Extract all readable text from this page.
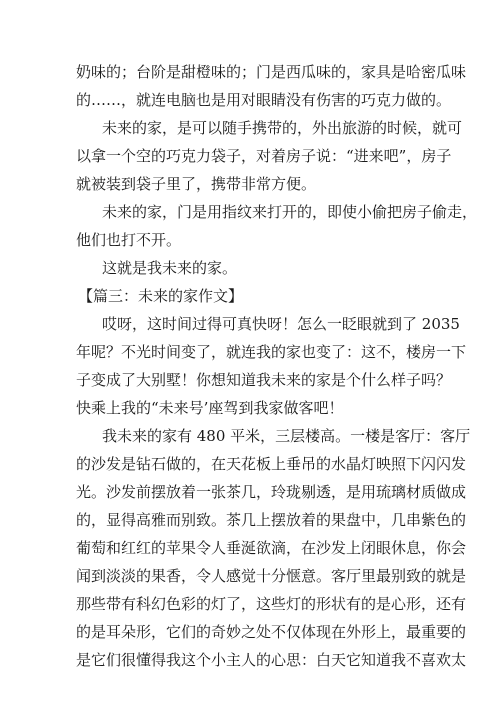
奶味的；台阶是甜橙味的；门是西瓜味的，家具是哈密瓜味
的……，就连电脑也是用对眼睛没有伤害的巧克力做的。
未来的家，是可以随手携带的，外出旅游的时候，就可
以拿一个空的巧克力袋子，对着房子说：“进来吧”，房子
就被装到袋子里了，携带非常方便。
未来的家，门是用指纹来打开的，即使小偷把房子偷走，
他们也打不开。
这就是我未来的家。
【篇三：未来的家作文】
哎呀，这时间过得可真快呀！怎么一眨眼就到了 2035
年呢？不光时间变了，就连我的家也变了：这不，楼房一下
子变成了大别墅！你想知道我未来的家是个什么样子吗？
快乘上我的“未来号’座驾到我家做客吧！
我未来的家有 480 平米，三层楼高。一楼是客厅：客厅
的沙发是钻石做的，在天花板上垂吊的水晶灯映照下闪闪发
光。沙发前摆放着一张茶几，玲珑剔透，是用琉璃材质做成
的，显得高雅而别致。茶几上摆放着的果盘中，几串紫色的
葡萄和红红的苹果令人垂涎欲滴，在沙发上闭眼休息，你会
闻到淡淡的果香，令人感觉十分惬意。客厅里最别致的就是
那些带有科幻色彩的灯了，这些灯的形状有的是心形，还有
的是耳朵形，它们的奇妙之处不仅体现在外形上，最重要的
是它们很懂得我这个小主人的心思：白天它知道我不喜欢太
